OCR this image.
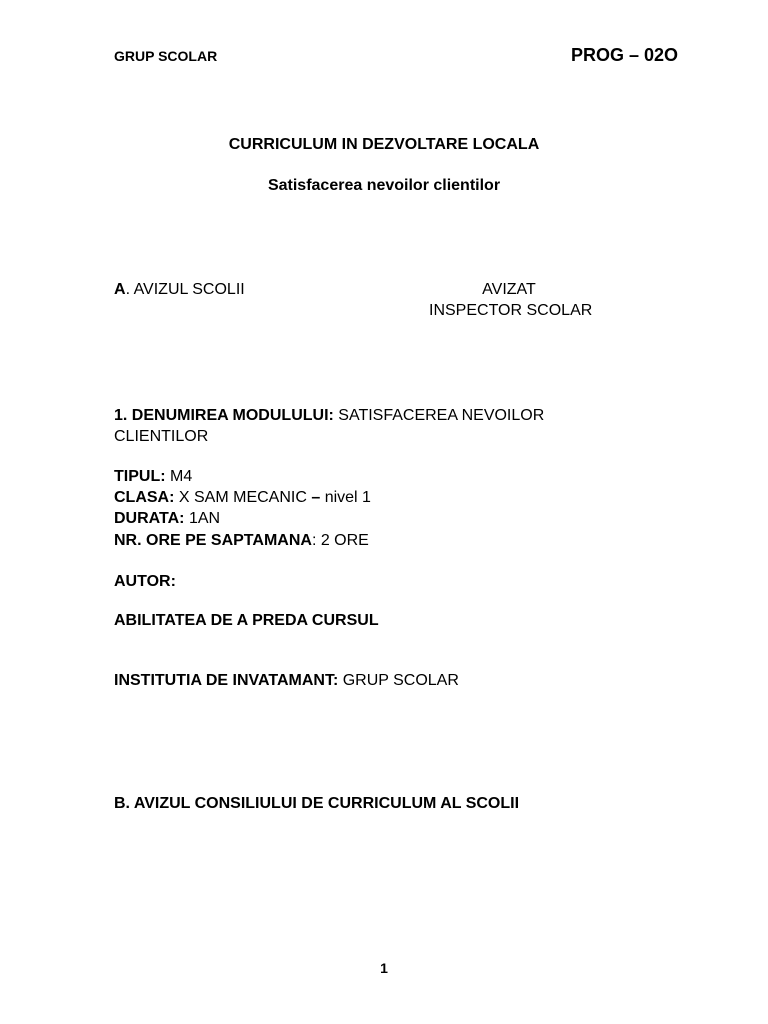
GRUP SCOLAR	PROG – 02O
CURRICULUM IN DEZVOLTARE LOCALA
Satisfacerea nevoilor clientilor
A. AVIZUL SCOLII	AVIZAT
INSPECTOR SCOLAR
1. DENUMIREA MODULULUI: SATISFACEREA NEVOILOR
CLIENTILOR
TIPUL: M4
CLASA: X SAM MECANIC – nivel 1
DURATA: 1AN
NR. ORE PE SAPTAMANA: 2 ORE
AUTOR:
ABILITATEA DE A PREDA CURSUL
INSTITUTIA DE INVATAMANT: GRUP SCOLAR
B. AVIZUL CONSILIULUI DE CURRICULUM AL SCOLII
1
